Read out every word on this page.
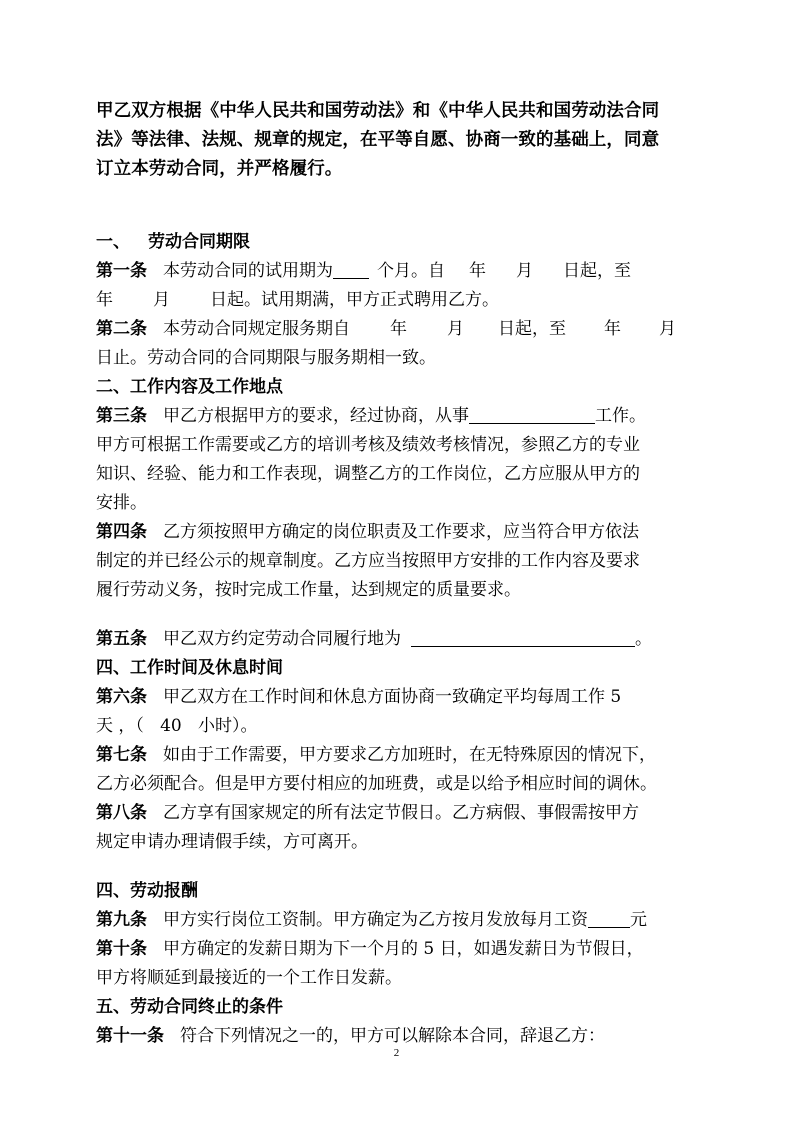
甲乙双方根据《中华人民共和国劳动法》和《中华人民共和国劳动法合同
法》等法律、法规、规章的规定，在平等自愿、协商一致的基础上，同意
订立本劳动合同，并严格履行。
一、 劳动合同期限
第一条 本劳动合同的试用期为	个月。自 年 月 日起，至
年 月 日起。试用期满，甲方正式聘用乙方。
第二条 本劳动合同规定服务期自 年 月 日起，至 年 月
日止。劳动合同的合同期限与服务期相一致。
二、工作内容及工作地点
第三条 甲乙方根据甲方的要求，经过协商，从事	工作。
甲方可根据工作需要或乙方的培训考核及绩效考核情况，参照乙方的专业
知识、经验、能力和工作表现，调整乙方的工作岗位，乙方应服从甲方的
安排。
第四条 乙方须按照甲方确定的岗位职责及工作要求，应当符合甲方依法
制定的并已经公示的规章制度。乙方应当按照甲方安排的工作内容及要求
履行劳动义务，按时完成工作量，达到规定的质量要求。
第五条 甲乙双方约定劳动合同履行地为	。
四、工作时间及休息时间
第六条 甲乙双方在工作时间和休息方面协商一致确定平均每周工作 5
天 ，（   40   小时）。
第七条 如由于工作需要，甲方要求乙方加班时，在无特殊原因的情况下，
乙方必须配合。但是甲方要付相应的加班费，或是以给予相应时间的调休。
第八条 乙方享有国家规定的所有法定节假日。乙方病假、事假需按甲方
规定申请办理请假手续，方可离开。
四、劳动报酬
第九条 甲方实行岗位工资制。甲方确定为乙方按月发放每月工资 元
第十条 甲方确定的发薪日期为下一个月的 5 日，如遇发薪日为节假日，
甲方将顺延到最接近的一个工作日发薪。
五、劳动合同终止的条件
第十一条 符合下列情况之一的，甲方可以解除本合同，辞退乙方：
2
